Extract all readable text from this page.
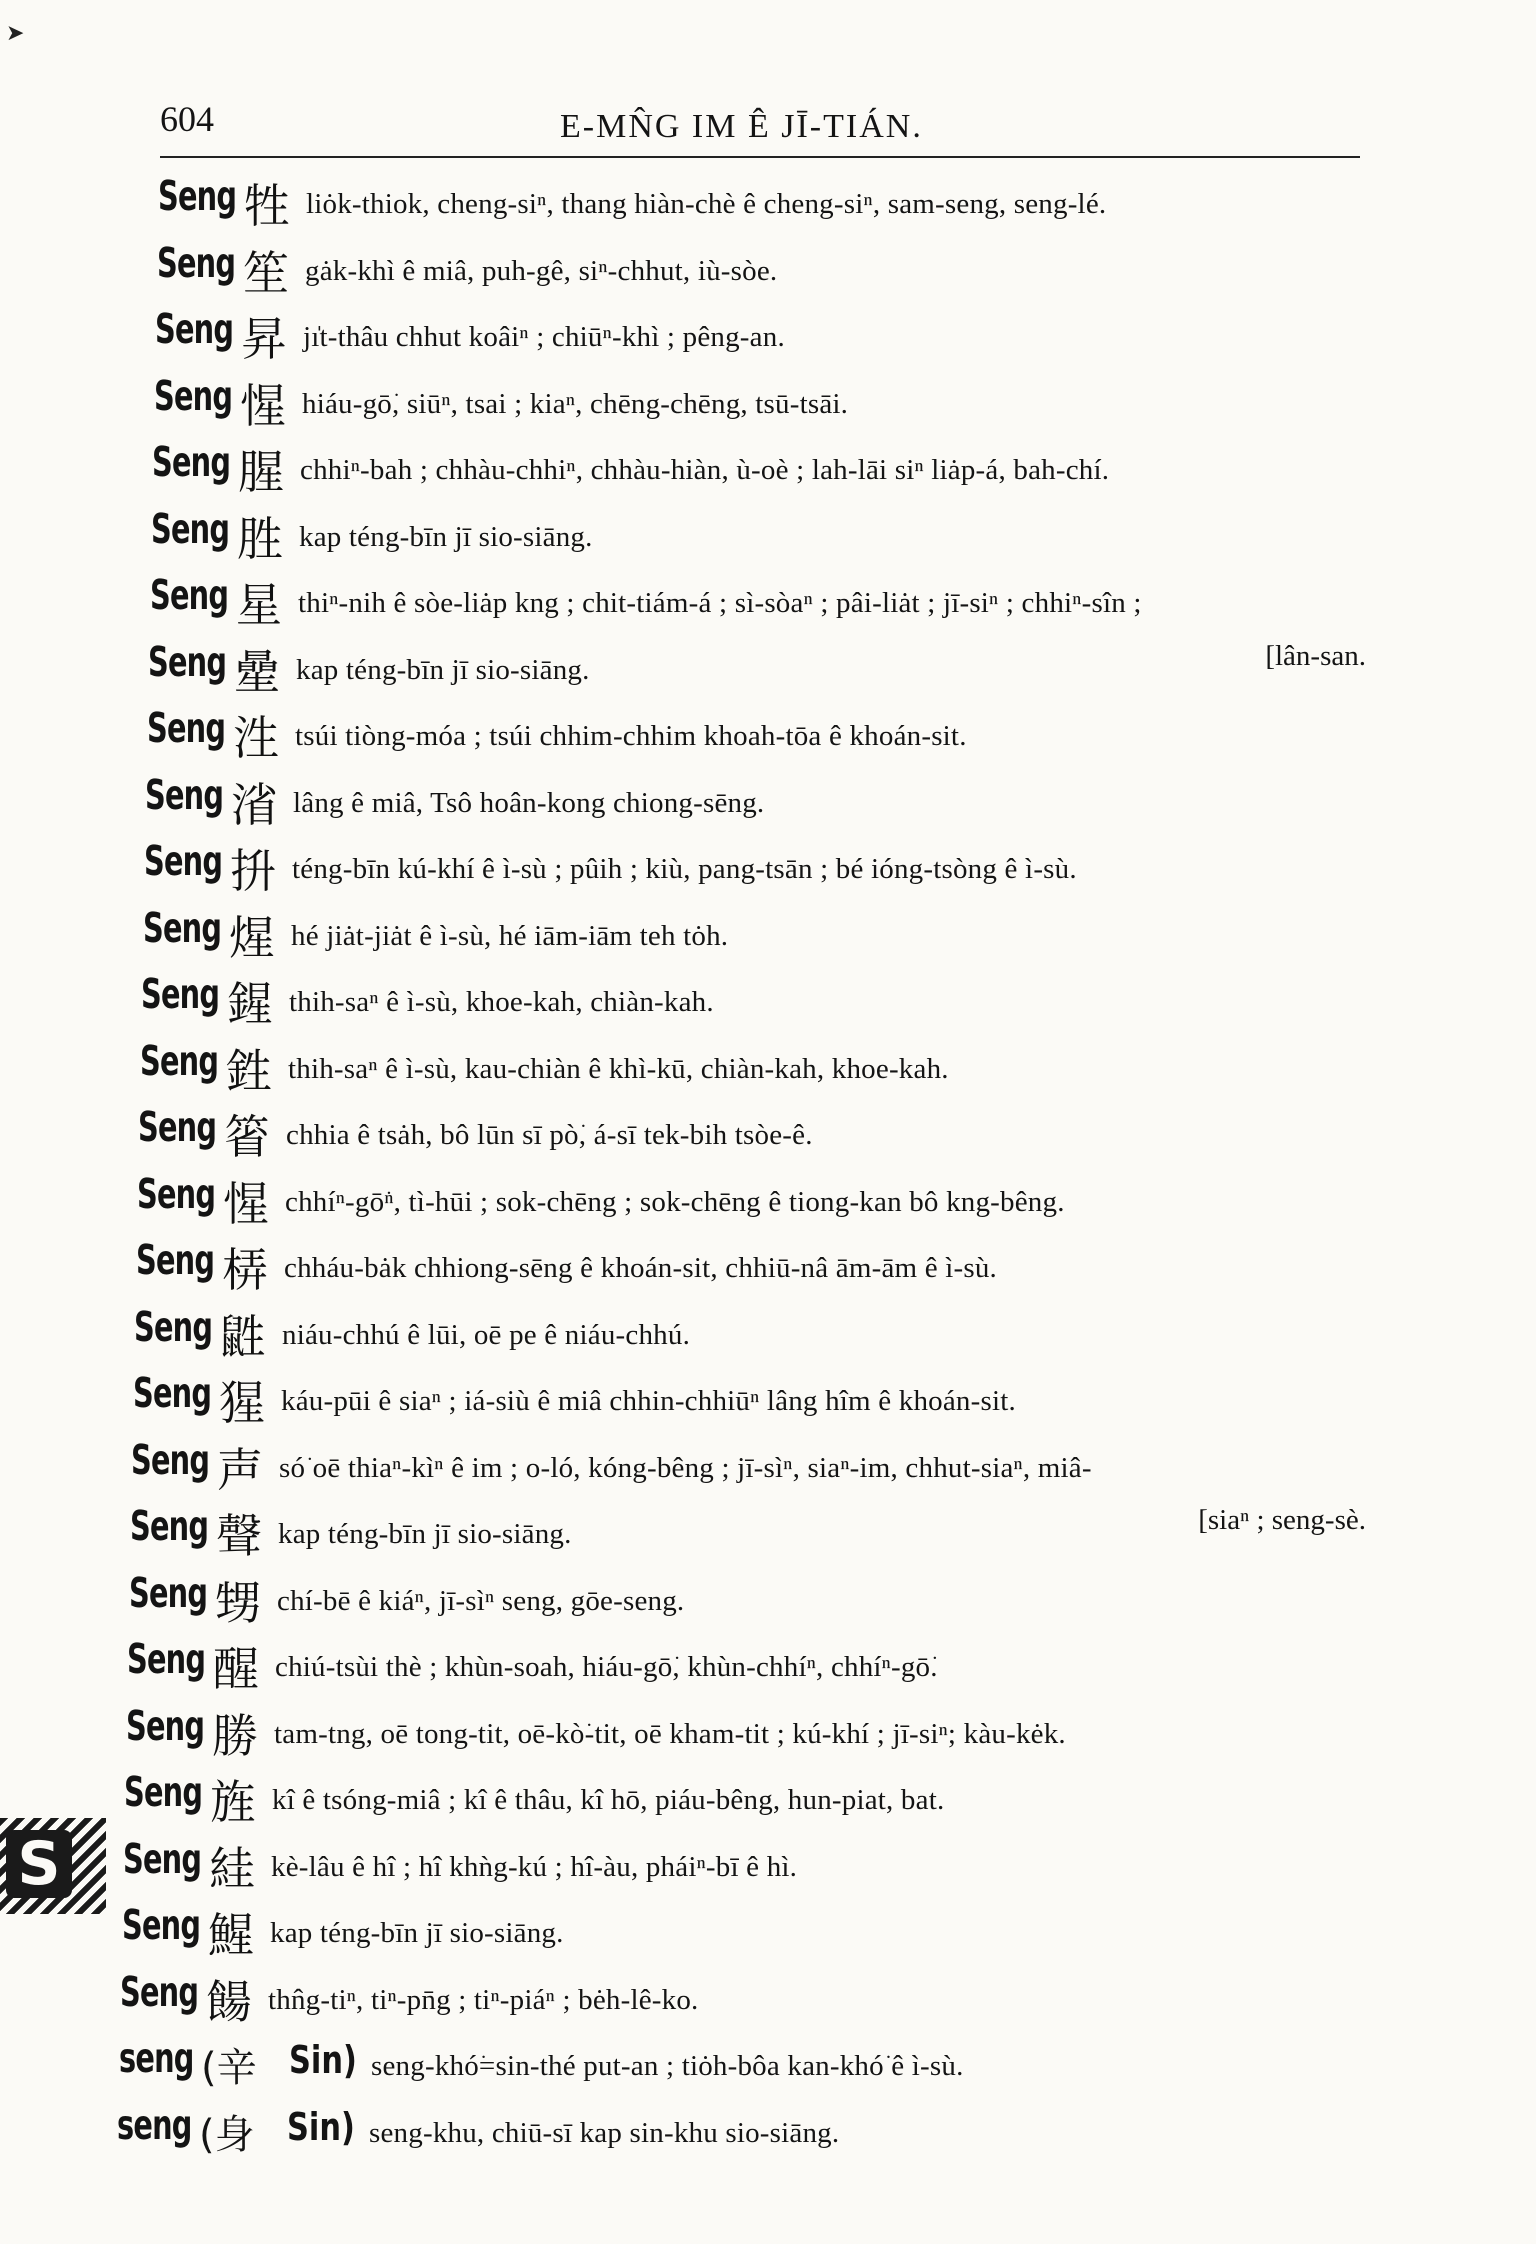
➤
604	E-MN̂G IM Ê JĪ-TIÁN.
Seng 牲 liȯk-thiok, cheng-siⁿ, thang hiàn-chè ê cheng-siⁿ, sam-seng, seng-lé.
Seng 笙 gȧk-khì ê miâ, puh-gê, siⁿ-chhut, iù-sòe.
Seng 昇 jı̍t-thâu chhut koâiⁿ ; chiūⁿ-khì ; pêng-an.
Seng 惺 hiáu-gō͘, siūⁿ, tsai ; kiaⁿ, chēng-chēng, tsū-tsāi.
Seng 腥 chhiⁿ-bah ; chhàu-chhiⁿ, chhàu-hiàn, ù-oè ; lah-lāi siⁿ liȧp-á, bah-chí.
Seng 胜 kap téng-bīn jī sio-siāng.
Seng 星 thiⁿ-nih ê sòe-liȧp kng ; chit-tiám-á ; sì-sòaⁿ ; pâi-liȧt ; jī-siⁿ ; chhiⁿ-sîn ;
Seng 曐 kap téng-bīn jī sio-siāng.	[lân-san.
Seng 泩 tsúi tiòng-móa ; tsúi chhim-chhim khoah-tōa ê khoán-sit.
Seng 渻 lâng ê miâ, Tsô hoân-kong chiong-sēng.
Seng 抍 téng-bīn kú-khí ê ì-sù ; pûih ; kiù, pang-tsān ; bé ióng-tsòng ê ì-sù.
Seng 煋 hé jiȧt-jiȧt ê ì-sù, hé iām-iām teh tȯh.
Seng 鍟 thih-saⁿ ê ì-sù, khoe-kah, chiàn-kah.
Seng 鉎 thih-saⁿ ê ì-sù, kau-chiàn ê khì-kū, chiàn-kah, khoe-kah.
Seng 箵 chhia ê tsȧh, bô lūn sī pò͘, á-sī tek-bih tsòe-ê.
Seng 惺 chhíⁿ-gō͘ⁿ, tì-hūi ; sok-chēng ; sok-chēng ê tiong-kan bô kng-bêng.
Seng 梇 chháu-bȧk chhiong-sēng ê khoán-sit, chhiū-nâ ām-ām ê ì-sù.
Seng 鼪 niáu-chhú ê lūi, oē pe ê niáu-chhú.
Seng 猩 káu-pūi ê siaⁿ ; iá-siù ê miâ chhin-chhiūⁿ lâng hîm ê khoán-sit.
Seng 声 só͘ oē thiaⁿ-kìⁿ ê im ; o-ló, kóng-bêng ; jī-sìⁿ, siaⁿ-im, chhut-siaⁿ, miâ-
Seng 聲 kap téng-bīn jī sio-siāng.	[siaⁿ ; seng-sè.
Seng 甥 chí-bē ê kiáⁿ, jī-sìⁿ seng, gōe-seng.
Seng 醒 chiú-tsùi thè ; khùn-soah, hiáu-gō͘, khùn-chhíⁿ, chhíⁿ-gō͘.
Seng 勝 tam-tng, oē tong-tit, oē-kò͘-tit, oē kham-tit ; kú-khí ; jī-siⁿ; kàu-kėk.
Seng 旌 kî ê tsóng-miâ ; kî ê thâu, kî hō, piáu-bêng, hun-piat, bat.
Seng 絓 kè-lâu ê hî ; hî khǹg-kú ; hî-àu, pháiⁿ-bī ê hì.
Seng 鯹 kap téng-bīn jī sio-siāng.
Seng 餳 thn̂g-tiⁿ, tiⁿ-pn̄g ; tiⁿ-piáⁿ ; bėh-lê-ko.
seng (辛 Sin) seng-khó͘=sin-thé put-an ; tiȯh-bôa kan-khó͘ ê ì-sù.
seng (身 Sin) seng-khu, chiū-sī kap sin-khu sio-siāng.
S
